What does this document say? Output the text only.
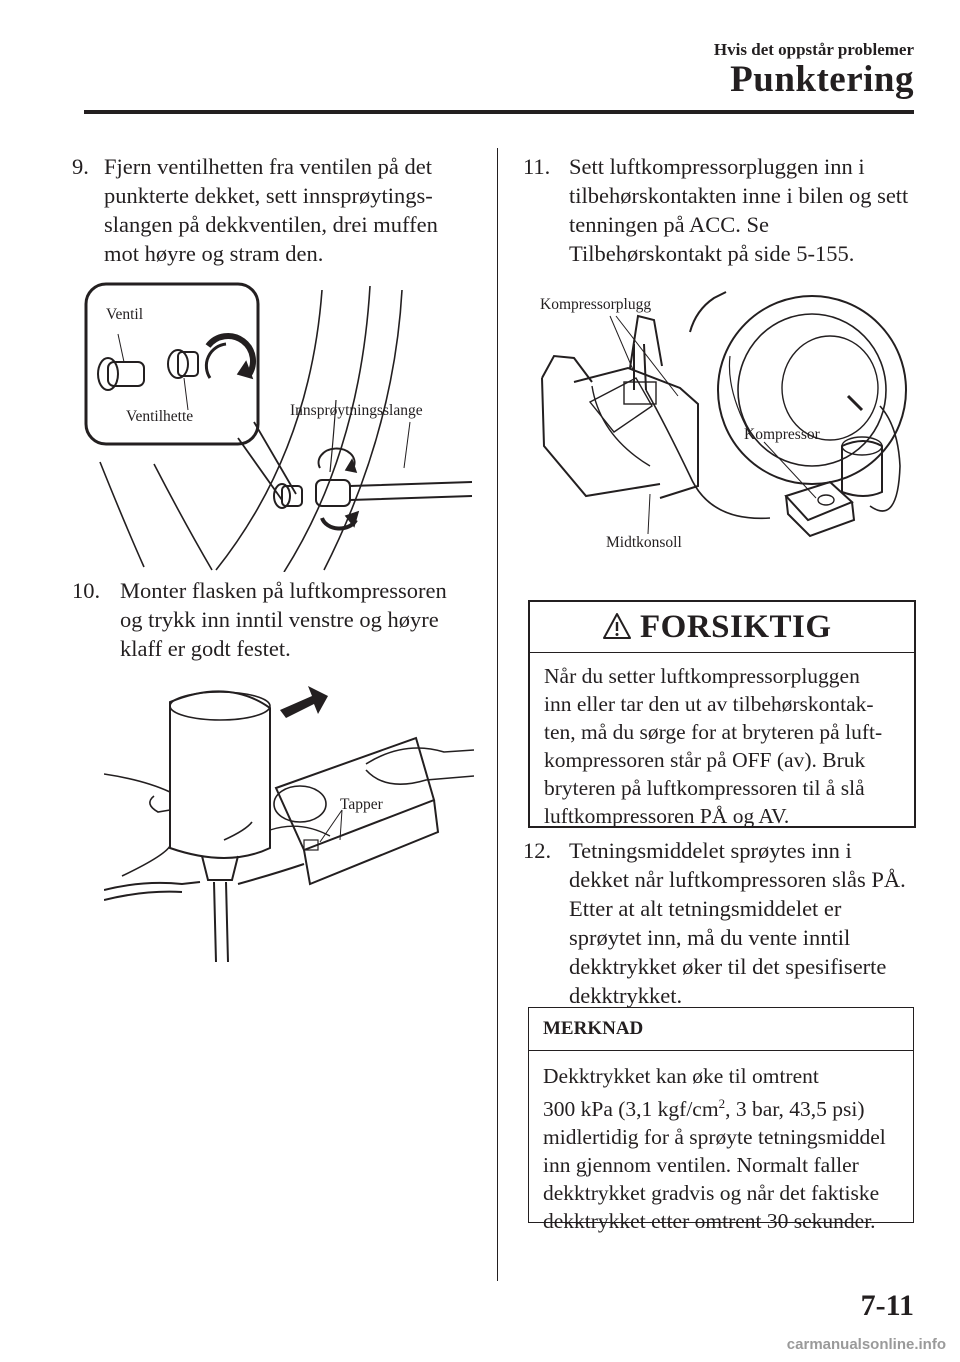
Hvis det oppstår problemer
Punktering
9. Fjern ventilhetten fra ventilen på det
punkterte dekket, sett innsprøytings-
slangen på dekkventilen, drei muffen
mot høyre og stram den.
Ventil
Ventilhette	Innsprøytningsslange
10. Monter flasken på luftkompressoren
og trykk inn inntil venstre og høyre
klaff er godt festet.
Tapper
11. Sett luftkompressorpluggen inn i
tilbehørskontakten inne i bilen og sett
tenningen på ACC. Se
Tilbehørskontakt på side 5-155.
Kompressorplugg
Kompressor
Midtkonsoll
FORSIKTIG
Når du setter luftkompressorpluggen
inn eller tar den ut av tilbehørskontak-
ten, må du sørge for at bryteren på luft-
kompressoren står på OFF (av). Bruk
bryteren på luftkompressoren til å slå
luftkompressoren PÅ og AV.
12. Tetningsmiddelet sprøytes inn i
dekket når luftkompressoren slås PÅ.
Etter at alt tetningsmiddelet er
sprøytet inn, må du vente inntil
dekktrykket øker til det spesifiserte
dekktrykket.
MERKNAD
Dekktrykket kan øke til omtrent
300 kPa (3,1 kgf/$cm^2$, 3 bar, 43,5 psi)
midlertidig for å sprøyte tetningsmiddel
inn gjennom ventilen. Normalt faller
dekktrykket gradvis og når det faktiske
dekktrykket etter omtrent 30 sekunder.
7-11
carmanualsonline.info
